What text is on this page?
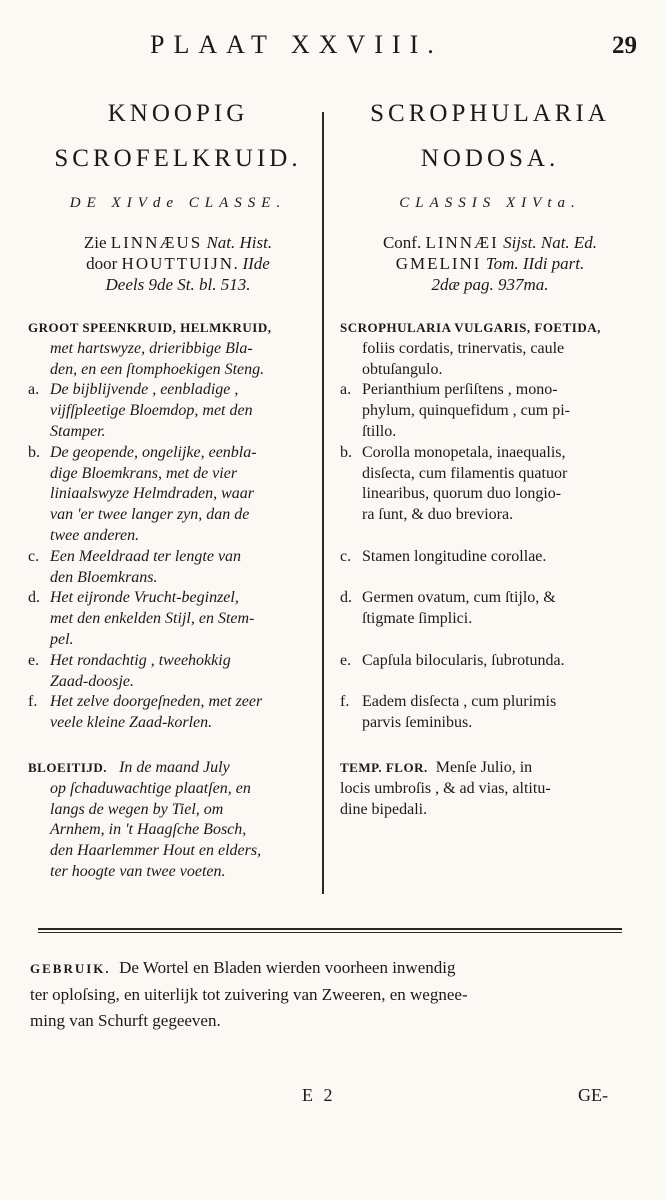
PLAAT XXVIII.	29
KNOOPIG
SCROFELKRUID.
DE XIVde CLASSE.
Zie LINNÆUS Nat. Hist.
door HOUTTUIJN. IIde
Deels 9de St. bl. 513.
GROOT SPEENKRUID, HELMKRUID,
met hartswyze, drieribbige Bla-
den, en een ſtomphoekigen Steng.
a. De bijblijvende , eenbladige ,
vijfſpleetige Bloemdop, met den
Stamper.
b. De geopende, ongelijke, eenbla-
dige Bloemkrans, met de vier
liniaalswyze Helmdraden, waar
van 'er twee langer zyn, dan de
twee anderen.
c. Een Meeldraad ter lengte van
den Bloemkrans.
d. Het eijronde Vrucht-beginzel,
met den enkelden Stijl, en Stem-
pel.
e. Het rondachtig , tweehokkig
Zaad-doosje.
f. Het zelve doorgeſneden, met zeer
veele kleine Zaad-korlen.
BLOEITIJD. In de maand July
op ſchaduwachtige plaatſen, en
langs de wegen by Tiel, om
Arnhem, in 't Haagſche Bosch,
den Haarlemmer Hout en elders,
ter hoogte van twee voeten.
SCROPHULARIA
NODOSA.
CLASSIS XIVta.
Conf. LINNÆI Sijst. Nat. Ed.
GMELINI Tom. IIdi part.
2dæ pag. 937ma.
SCROPHULARIA VULGARIS, FOETIDA,
foliis cordatis, trinervatis, caule
obtuſangulo.
a. Perianthium perſiſtens , mono-
phylum, quinquefidum , cum pi-
ſtillo.
b. Corolla monopetala, inaequalis,
disſecta, cum filamentis quatuor
linearibus, quorum duo longio-
ra ſunt, & duo breviora.
c. Stamen longitudine corollae.
d. Germen ovatum, cum ſtijlo, &
ſtigmate ſimplici.
e. Capſula bilocularis, ſubrotunda.
f. Eadem disſecta , cum plurimis
parvis ſeminibus.
TEMP. FLOR. Menſe Julio, in
locis umbroſis , & ad vias, altitu-
dine bipedali.
GEBRUIK. De Wortel en Bladen wierden voorheen inwendig
ter oploſsing, en uiterlijk tot zuivering van Zweeren, en wegnee-
ming van Schurft gegeeven.
E 2	GE-
